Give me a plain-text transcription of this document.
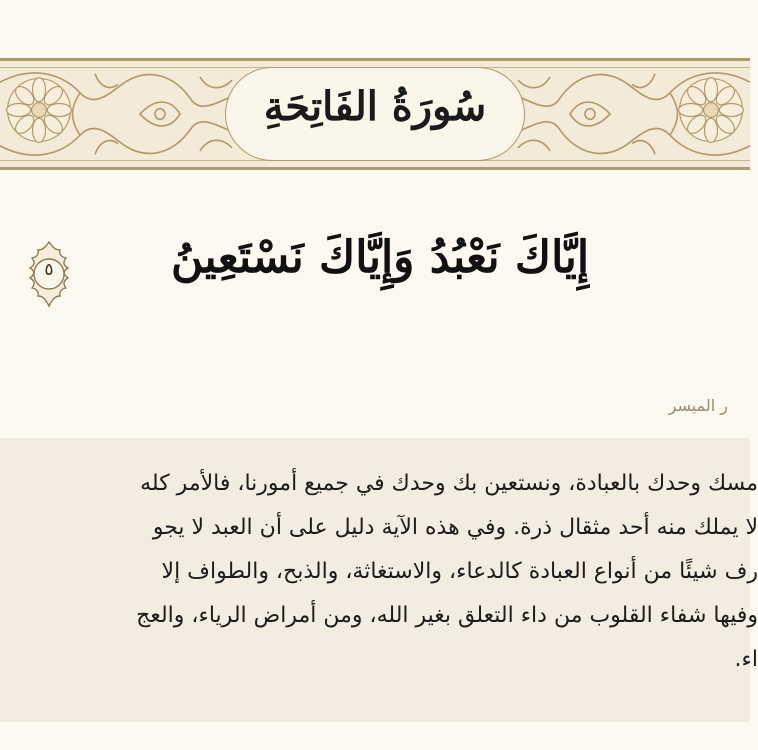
سُورَةُ الفَاتِحَةِ
إِيَّاكَ نَعْبُدُ وَإِيَّاكَ نَسْتَعِينُ
٥
ر الميسر
مسك وحدك بالعبادة، ونستعين بك وحدك في جميع أمورنا، فالأمر كله
لا يملك منه أحد مثقال ذرة. وفي هذه الآية دليل على أن العبد لا يجو
رف شيئًا من أنواع العبادة كالدعاء، والاستغاثة، والذبح، والطواف إلا
وفيها شفاء القلوب من داء التعلق بغير الله، ومن أمراض الرياء، والعج
اء.
